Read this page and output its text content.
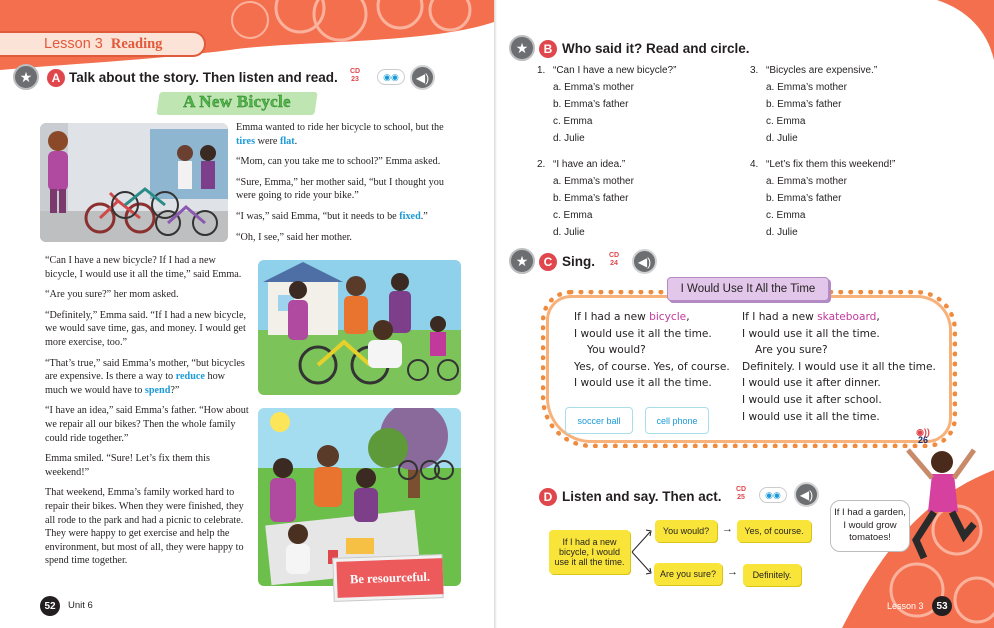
Lesson 3 Reading
★	A Talk about the story. Then listen and read.	CD
23	◉◉	◀)
A New Bicycle

Emma wanted to ride her bicycle to school, but the tires were flat.

“Mom, can you take me to school?” Emma asked.

“Sure, Emma,” her mother said, “but I thought you were going to ride your bike.”

“I was,” said Emma, “but it needs to be fixed.”

“Oh, I see,” said her mother.

“Can I have a new bicycle? If I had a new bicycle, I would use it all the time,” said Emma.

“Are you sure?” her mom asked.

“Definitely,” Emma said. “If I had a new bicycle, we would save time, gas, and money. I would get more exercise, too.”

“That’s true,” said Emma’s mother, “but bicycles are expensive. Is there a way to reduce how much we would have to spend?”

“I have an idea,” said Emma’s father. “How about we repair all our bikes? Then the whole family could ride together.”

Emma smiled. “Sure! Let’s fix them this weekend!”

That weekend, Emma’s family worked hard to repair their bikes. When they were finished, they all rode to the park and had a picnic to celebrate. They were happy to get exercise and help the environment, but most of all, they were happy to spend time together.

Be resourceful.
52	Unit 6
★	B Who said it? Read and circle.
1. “Can I have a new bicycle?”
a. Emma’s mother
b. Emma’s father
c. Emma
d. Julie
3. “Bicycles are expensive.”
a. Emma’s mother
b. Emma’s father
c. Emma
d. Julie
2. “I have an idea.”
a. Emma’s mother
b. Emma’s father
c. Emma
d. Julie
4. “Let’s fix them this weekend!”
a. Emma’s mother
b. Emma’s father
c. Emma
d. Julie
★	C Sing.	CD
24	◀)
I Would Use It All the Time
If I had a new bicycle,
I would use it all the time.
You would?
Yes, of course. Yes, of course.
I would use it all the time.
If I had a new skateboard,
I would use it all the time.
Are you sure?
Definitely. I would use it all the time.
I would use it after dinner.
I would use it after school.
I would use it all the time.
soccer ball	cell phone
◉))
26
D Listen and say. Then act.	CD
25	◉◉	◀)
If I had a new bicycle, I would use it all the time.
You would?	→	Yes, of course.
Are you sure? →	Definitely.
If I had a garden, I would grow tomatoes!
Lesson 3	53
